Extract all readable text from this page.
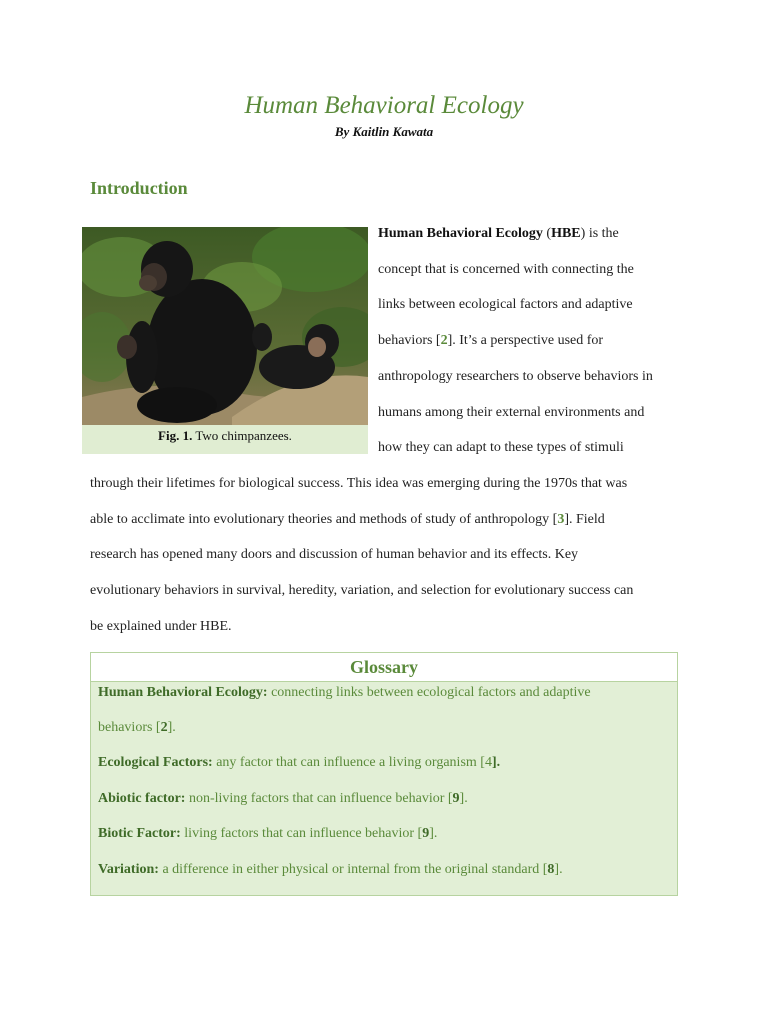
Human Behavioral Ecology
By Kaitlin Kawata
Introduction
Fig. 1. Two chimpanzees.
Human Behavioral Ecology (HBE) is the
concept that is concerned with connecting the
links between ecological factors and adaptive
behaviors [2]. It’s a perspective used for
anthropology researchers to observe behaviors in
humans among their external environments and
how they can adapt to these types of stimuli
through their lifetimes for biological success. This idea was emerging during the 1970s that was
able to acclimate into evolutionary theories and methods of study of anthropology [3]. Field
research has opened many doors and discussion of human behavior and its effects. Key
evolutionary behaviors in survival, heredity, variation, and selection for evolutionary success can
be explained under HBE.
Glossary
Human Behavioral Ecology: connecting links between ecological factors and adaptive
behaviors [2].
Ecological Factors: any factor that can influence a living organism [4].
Abiotic factor: non-living factors that can influence behavior [9].
Biotic Factor: living factors that can influence behavior [9].
Variation: a difference in either physical or internal from the original standard [8].
